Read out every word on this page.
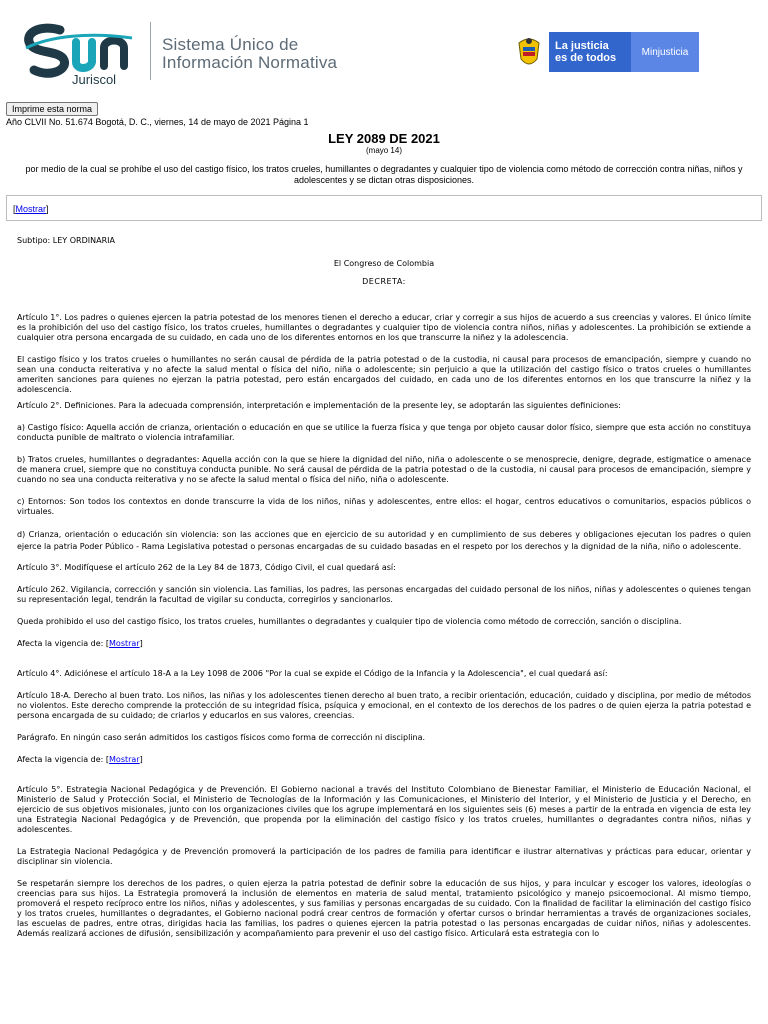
Juriscol
Sistema Único de
Información Normativa
La justicia
es de todos	Minjusticia
Imprime esta norma
Año CLVII No. 51.674 Bogotá, D. C., viernes, 14 de mayo de 2021 Página 1
LEY 2089 DE 2021
(mayo 14)
por medio de la cual se prohíbe el uso del castigo físico, los tratos crueles, humillantes o degradantes y cualquier tipo de violencia como método de corrección contra niñas, niños y adolescentes y se dictan otras disposiciones.
[Mostrar]

Subtipo: LEY ORDINARIA

El Congreso de Colombia

DECRETA:

Artículo 1°. Los padres o quienes ejercen la patria potestad de los menores tienen el derecho a educar, criar y corregir a sus hijos de acuerdo a sus creencias y valores. El único límite es la prohibición del uso del castigo físico, los tratos crueles, humillantes o degradantes y cualquier tipo de violencia contra niños, niñas y adolescentes. La prohibición se extiende a cualquier otra persona encargada de su cuidado, en cada uno de los diferentes entornos en los que transcurre la niñez y la adolescencia.

El castigo físico y los tratos crueles o humillantes no serán causal de pérdida de la patria potestad o de la custodia, ni causal para procesos de emancipación, siempre y cuando no sean una conducta reiterativa y no afecte la salud mental o física del niño, niña o adolescente; sin perjuicio a que la utilización del castigo físico o tratos crueles o humillantes ameriten sanciones para quienes no ejerzan la patria potestad, pero están encargados del cuidado, en cada uno de los diferentes entornos en los que transcurre la niñez y la adolescencia.

Artículo 2°. Definiciones. Para la adecuada comprensión, interpretación e implementación de la presente ley, se adoptarán las siguientes definiciones:

a) Castigo físico: Aquella acción de crianza, orientación o educación en que se utilice la fuerza física y que tenga por objeto causar dolor físico, siempre que esta acción no constituya conducta punible de maltrato o violencia intrafamiliar.

b) Tratos crueles, humillantes o degradantes: Aquella acción con la que se hiere la dignidad del niño, niña o adolescente o se menosprecie, denigre, degrade, estigmatice o amenace de manera cruel, siempre que no constituya conducta punible. No será causal de pérdida de la patria potestad o de la custodia, ni causal para procesos de emancipación, siempre y cuando no sea una conducta reiterativa y no se afecte la salud mental o física del niño, niña o adolescente.

c) Entornos: Son todos los contextos en donde transcurre la vida de los niños, niñas y adolescentes, entre ellos: el hogar, centros educativos o comunitarios, espacios públicos o virtuales.

d) Crianza, orientación o educación sin violencia: son las acciones que en ejercicio de su autoridad y en cumplimiento de sus deberes y obligaciones ejecutan los padres o quien ejerce la patria Poder Público - Rama Legislativa potestad o personas encargadas de su cuidado basadas en el respeto por los derechos y la dignidad de la niña, niño o adolescente.

Artículo 3°. Modifíquese el artículo 262 de la Ley 84 de 1873, Código Civil, el cual quedará así:

Artículo 262. Vigilancia, corrección y sanción sin violencia. Las familias, los padres, las personas encargadas del cuidado personal de los niños, niñas y adolescentes o quienes tengan su representación legal, tendrán la facultad de vigilar su conducta, corregirlos y sancionarlos.

Queda prohibido el uso del castigo físico, los tratos crueles, humillantes o degradantes y cualquier tipo de violencia como método de corrección, sanción o disciplina.

Afecta la vigencia de: [Mostrar]

Artículo 4°. Adiciónese el artículo 18-A a la Ley 1098 de 2006 "Por la cual se expide el Código de la Infancia y la Adolescencia", el cual quedará así:

Artículo 18-A. Derecho al buen trato. Los niños, las niñas y los adolescentes tienen derecho al buen trato, a recibir orientación, educación, cuidado y disciplina, por medio de métodos no violentos. Este derecho comprende la protección de su integridad física, psíquica y emocional, en el contexto de los derechos de los padres o de quien ejerza la patria potestad e persona encargada de su cuidado; de criarlos y educarlos en sus valores, creencias.

Parágrafo. En ningún caso serán admitidos los castigos físicos como forma de corrección ni disciplina.

Afecta la vigencia de: [Mostrar]

Artículo 5°. Estrategia Nacional Pedagógica y de Prevención. El Gobierno nacional a través del Instituto Colombiano de Bienestar Familiar, el Ministerio de Educación Nacional, el Ministerio de Salud y Protección Social, el Ministerio de Tecnologías de la Información y las Comunicaciones, el Ministerio del Interior, y el Ministerio de Justicia y el Derecho, en ejercicio de sus objetivos misionales, junto con los organizaciones civiles que los agrupe implementará en los siguientes seis (6) meses a partir de la entrada en vigencia de esta ley una Estrategia Nacional Pedagógica y de Prevención, que propenda por la eliminación del castigo físico y los tratos crueles, humillantes o degradantes contra niños, niñas y adolescentes.

La Estrategia Nacional Pedagógica y de Prevención promoverá la participación de los padres de familia para identificar e ilustrar alternativas y prácticas para educar, orientar y disciplinar sin violencia.

Se respetarán siempre los derechos de los padres, o quien ejerza la patria potestad de definir sobre la educación de sus hijos, y para inculcar y escoger los valores, ideologías o creencias para sus hijos. La Estrategia promoverá la inclusión de elementos en materia de salud mental, tratamiento psicológico y manejo psicoemocional. Al mismo tiempo, promoverá el respeto recíproco entre los niños, niñas y adolescentes, y sus familias y personas encargadas de su cuidado. Con la finalidad de facilitar la eliminación del castigo físico y los tratos crueles, humillantes o degradantes, el Gobierno nacional podrá crear centros de formación y ofertar cursos o brindar herramientas a través de organizaciones sociales, las escuelas de padres, entre otras, dirigidas hacia las familias, los padres o quienes ejercen la patria potestad o las personas encargadas de cuidar niños, niñas y adolescentes. Además realizará acciones de difusión, sensibilización y acompañamiento para prevenir el uso del castigo físico. Articulará esta estrategia con lo
